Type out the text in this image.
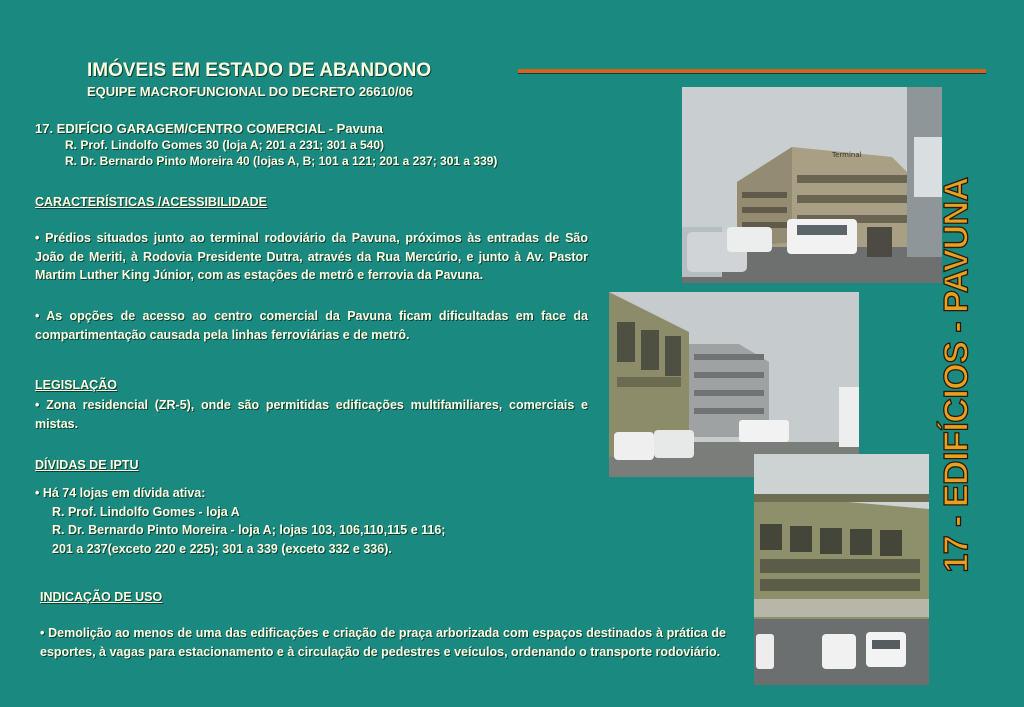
IMÓVEIS EM ESTADO DE ABANDONO
EQUIPE MACROFUNCIONAL DO DECRETO 26610/06
17. EDIFÍCIO GARAGEM/CENTRO COMERCIAL - Pavuna
R. Prof. Lindolfo Gomes 30 (loja A; 201 a 231; 301 a 540)
R. Dr. Bernardo Pinto Moreira 40 (lojas A, B; 101 a 121; 201 a 237; 301 a 339)
CARACTERÍSTICAS /ACESSIBILIDADE
• Prédios situados junto ao terminal rodoviário da Pavuna, próximos às entradas de São João de Meriti, à Rodovia Presidente Dutra, através da Rua Mercúrio, e junto à Av. Pastor Martim Luther King Júnior, com as estações de metrô e ferrovia da Pavuna.
• As opções de acesso ao centro comercial da Pavuna ficam dificultadas em face da compartimentação causada pela linhas ferroviárias e de metrô.
LEGISLAÇÃO
• Zona residencial (ZR-5), onde são permitidas edificações multifamiliares, comerciais e mistas.
DÍVIDAS DE IPTU
• Há 74 lojas em dívida ativa:
R. Prof. Lindolfo Gomes - loja A
R. Dr. Bernardo Pinto Moreira - loja A; lojas 103, 106,110,115 e 116;
201 a 237(exceto 220 e 225); 301 a 339 (exceto 332 e 336).
INDICAÇÃO DE USO
• Demolição ao menos de uma das edificações e criação de praça arborizada com espaços destinados à prática de esportes, à vagas para estacionamento e à circulação de pedestres e veículos, ordenando o transporte rodoviário.
Terminal
17 - EDIFÍCIOS - PAVUNA
